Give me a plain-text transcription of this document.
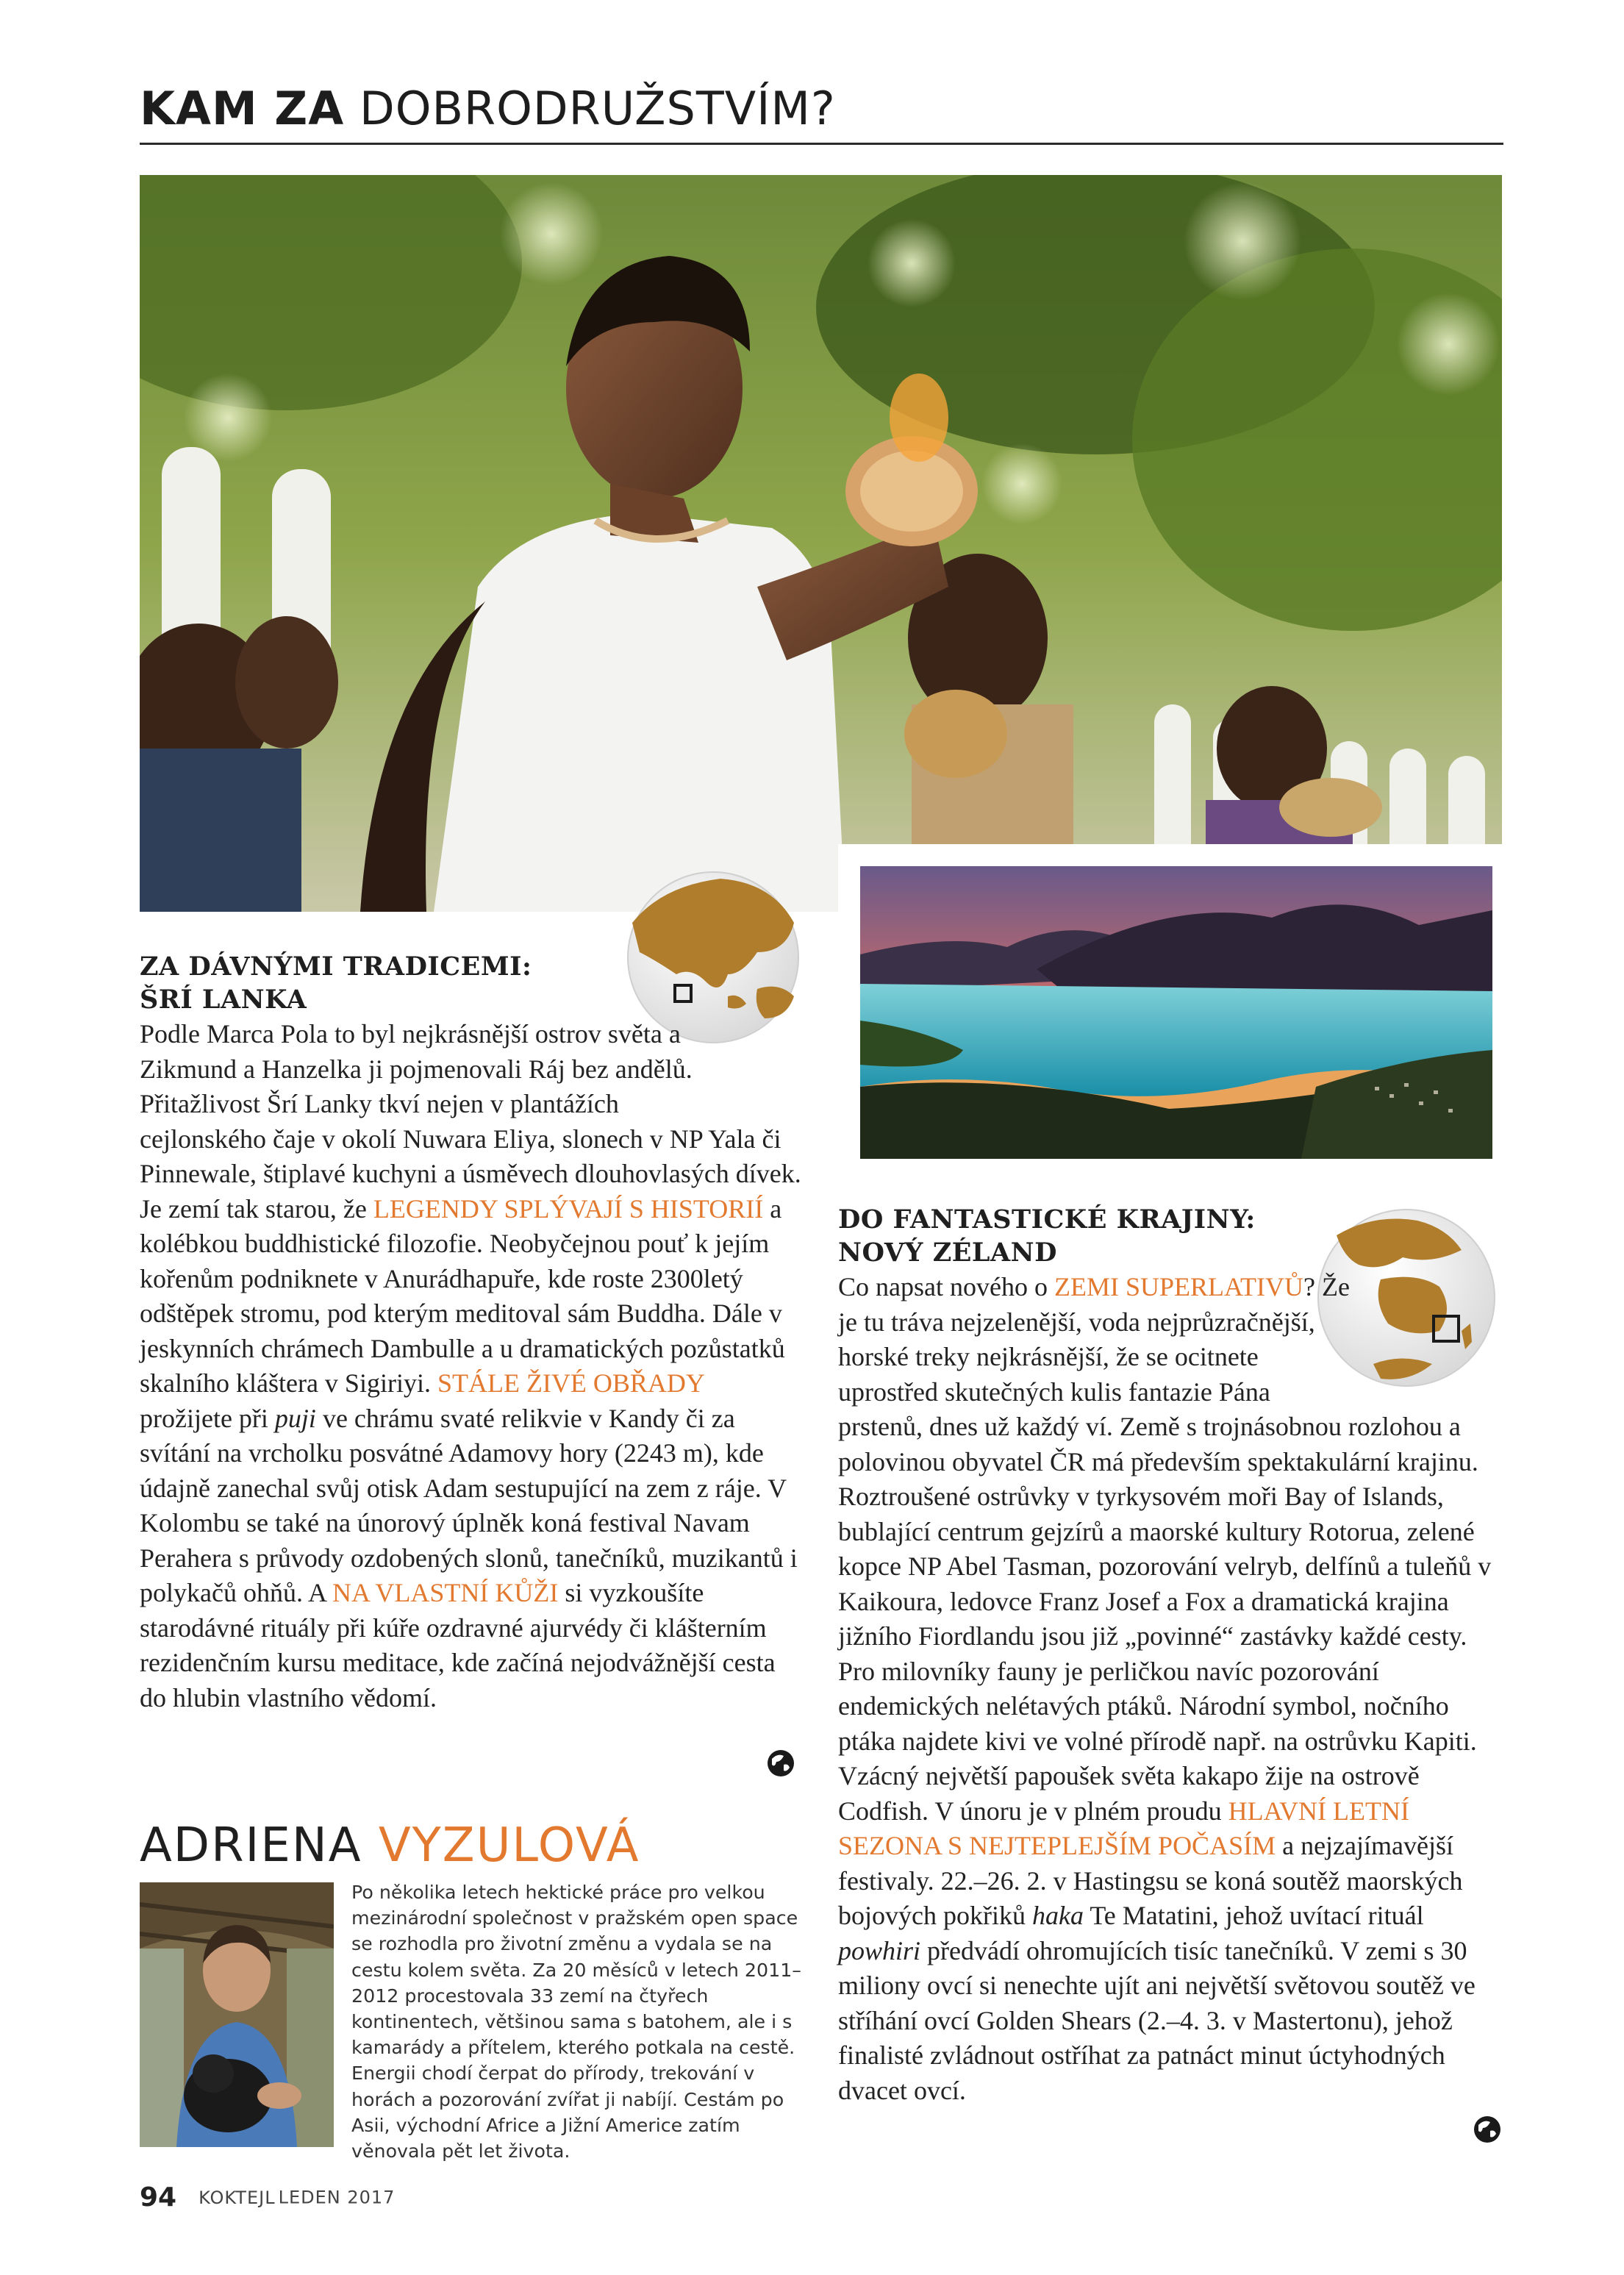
KAM ZA DOBRODRUŽSTVÍM?
ZA DÁVNÝMI TRADICEMI:
ŠRÍ LANKA

Podle Marca Pola to byl nejkrásnější ostrov světa a Zikmund a Hanzelka ji pojmenovali Ráj bez andělů. Přitažlivost Šrí Lanky tkví nejen v plantážích cejlonského čaje v okolí Nuwara Eliya, slonech v NP Yala či Pinnewale, štiplavé kuchyni a úsměvech dlouhovlasých dívek. Je zemí tak starou, že LEGENDY SPLÝVAJÍ S HISTORIÍ a kolébkou buddhistické filozofie. Neobyčejnou pouť k jejím kořenům podniknete v Anurádhapuře, kde roste 2300letý odštěpek stromu, pod kterým meditoval sám Buddha. Dále v jeskynních chrámech Dambulle a u dramatických pozůstatků skalního kláštera v Sigiriyi. STÁLE ŽIVÉ OBŘADY prožijete při puji ve chrámu svaté relikvie v Kandy či za svítání na vrcholku posvátné Adamovy hory (2243 m), kde údajně zanechal svůj otisk Adam sestupující na zem z ráje. V Kolombu se také na únorový úplněk koná festival Navam Perahera s průvody ozdobených slonů, tanečníků, muzikantů i polykačů ohňů. A NA VLASTNÍ KŮŽI si vyzkoušíte starodávné rituály při kúře ozdravné ajurvédy či klášterním rezidenčním kursu meditace, kde začíná nejodvážnější cesta do hlubin vlastního vědomí.

DO FANTASTICKÉ KRAJINY:
NOVÝ ZÉLAND

Co napsat nového o ZEMI SUPERLATIVŮ? Že je tu tráva nejzelenější, voda nejprůzračnější, horské treky nejkrásnější, že se ocitnete uprostřed skutečných kulis fantazie Pána prstenů, dnes už každý ví. Země s trojnásobnou rozlohou a polovinou obyvatel ČR má především spektakulární krajinu. Roztroušené ostrůvky v tyrkysovém moři Bay of Islands, bublající centrum gejzírů a maorské kultury Rotorua, zelené kopce NP Abel Tasman, pozorování velryb, delfínů a tuleňů v Kaikoura, ledovce Franz Josef a Fox a dramatická krajina jižního Fiordlandu jsou již „povinné“ zastávky každé cesty. Pro milovníky fauny je perličkou navíc pozorování endemických nelétavých ptáků. Národní symbol, nočního ptáka najdete kivi ve volné přírodě např. na ostrůvku Kapiti. Vzácný největší papoušek světa kakapo žije na ostrově Codfish. V únoru je v plném proudu HLAVNÍ LETNÍ SEZONA S NEJTEPLEJŠÍM POČASÍM a nejzajímavější festivaly. 22.–26. 2. v Hastingsu se koná soutěž maorských bojových pokřiků haka Te Matatini, jehož uvítací rituál powhiri předvádí ohromujících tisíc tanečníků. V zemi s 30 miliony ovcí si nenechte ujít ani největší světovou soutěž ve stříhání ovcí Golden Shears (2.–4. 3. v Mastertonu), jehož finalisté zvládnout ostříhat za patnáct minut úctyhodných dvacet ovcí.

ADRIENA VYZULOVÁ
Po několika letech hektické práce pro velkou mezinárodní společnost v pražském open space se rozhodla pro životní změnu a vydala se na cestu kolem světa. Za 20 měsíců v letech 2011–2012 procestovala 33 zemí na čtyřech kontinentech, většinou sama s batohem, ale i s kamarády a přítelem, kterého potkala na cestě. Energii chodí čerpat do přírody, trekování v horách a pozorování zvířat ji nabíjí. Cestám po Asii, východní Africe a Jižní Americe zatím věnovala pět let života.
94 KOKTEJL LEDEN 2017
